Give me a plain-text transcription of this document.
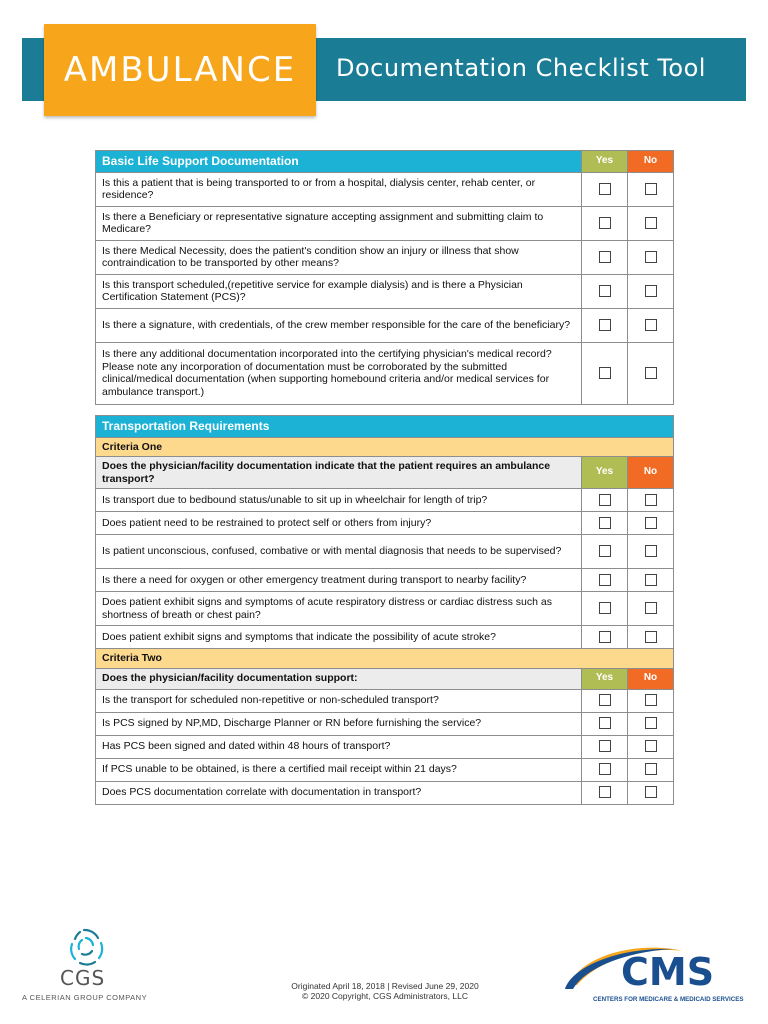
AMBULANCE Documentation Checklist Tool
Basic Life Support Documentation	Yes	No
Is this a patient that is being transported to or from a hospital, dialysis center, rehab center, or residence?		
Is there a Beneficiary or representative signature accepting assignment and submitting claim to Medicare?		
Is there Medical Necessity, does the patient's condition show an injury or illness that show contraindication to be transported by other means?		
Is this transport scheduled,(repetitive service for example dialysis) and is there a Physician Certification Statement (PCS)?		
Is there a signature, with credentials, of the crew member responsible for the care of the beneficiary?		
Is there any additional documentation incorporated into the certifying physician's medical record? Please note any incorporation of documentation must be corroborated by the submitted clinical/medical documentation (when supporting homebound criteria and/or medical services for ambulance transport.)		
Transportation Requirements		
Criteria One		
Does the physician/facility documentation indicate that the patient requires an ambulance transport?	Yes	No
Is transport due to bedbound status/unable to sit up in wheelchair for length of trip?		
Does patient need to be restrained to protect self or others from injury?		
Is patient unconscious, confused, combative or with mental diagnosis that needs to be supervised?		
Is there a need for oxygen or other emergency treatment during transport to nearby facility?		
Does patient exhibit signs and symptoms of acute respiratory distress or cardiac distress such as shortness of breath or chest pain?		
Does patient exhibit signs and symptoms that indicate the possibility of acute stroke?		
Criteria Two		
Does the physician/facility documentation support:	Yes	No
Is the transport for scheduled non-repetitive or non-scheduled transport?		
Is PCS signed by NP,MD, Discharge Planner or RN before furnishing the service?		
Has PCS been signed and dated within 48 hours of transport?		
If PCS unable to be obtained, is there a certified mail receipt within 21 days?		
Does PCS documentation correlate with documentation in transport?		
CGS
A CELERIAN GROUP COMPANY
Originated April 18, 2018 | Revised June 29, 2020
© 2020 Copyright, CGS Administrators, LLC
CMS
CENTERS FOR MEDICARE & MEDICAID SERVICES
